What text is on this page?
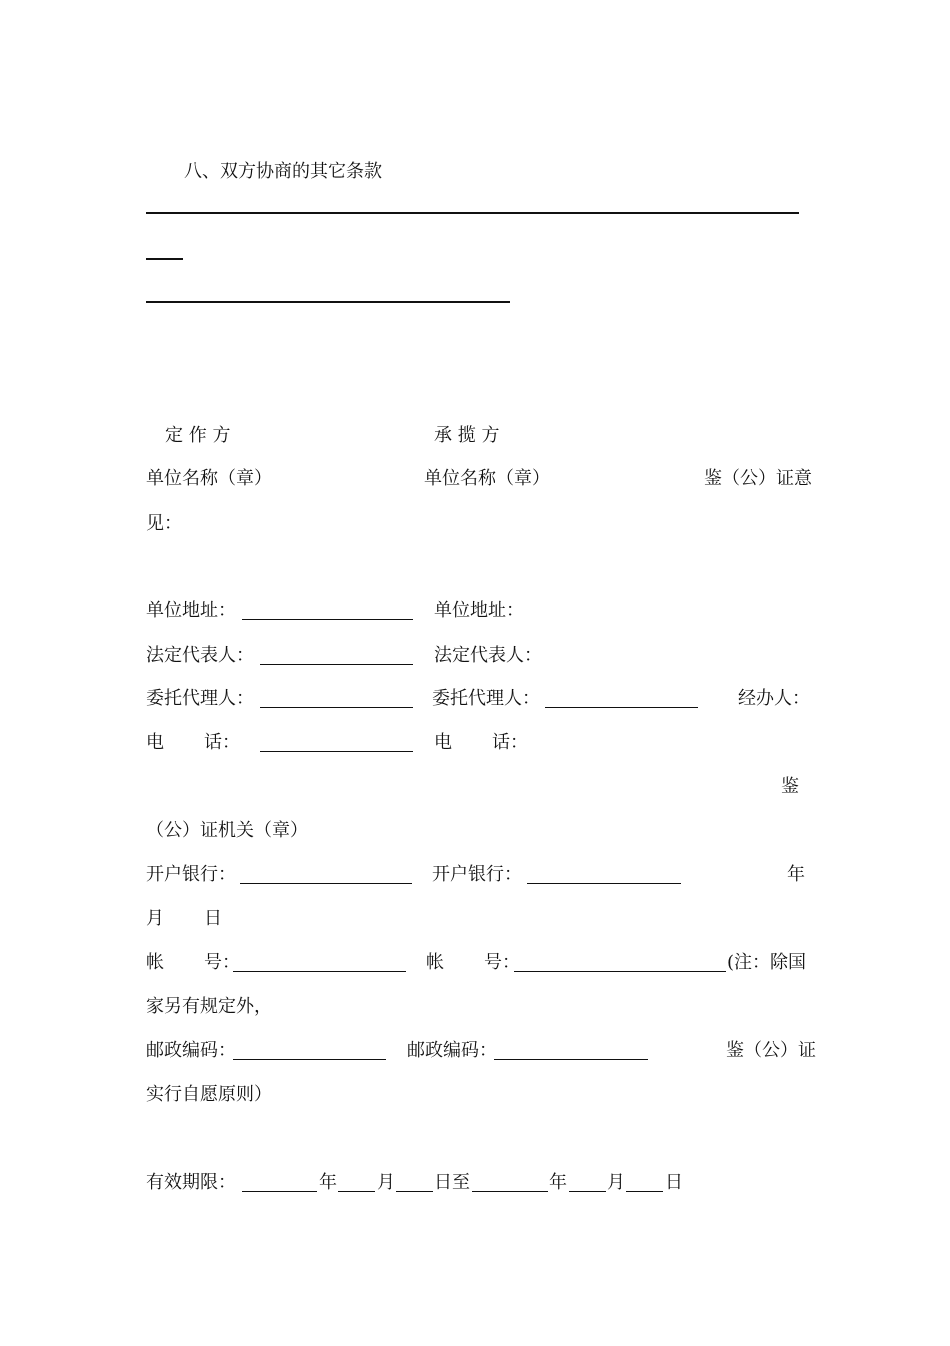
八、双方协商的其它条款
定 作 方	承 揽 方
单位名称（章）	单位名称（章）	鉴（公）证意
见：
单位地址：	单位地址：
法定代表人：	法定代表人：
委托代理人：	委托代理人：	经办人：
电 话：	电 话：
鉴
（公）证机关（章）
开户银行：	开户银行：	年
月 日
帐 号：	帐 号：	(注：除国
家另有规定外，
邮政编码：	邮政编码：	鉴（公）证
实行自愿原则）
有效期限：	年 月 日至	年 月 日
